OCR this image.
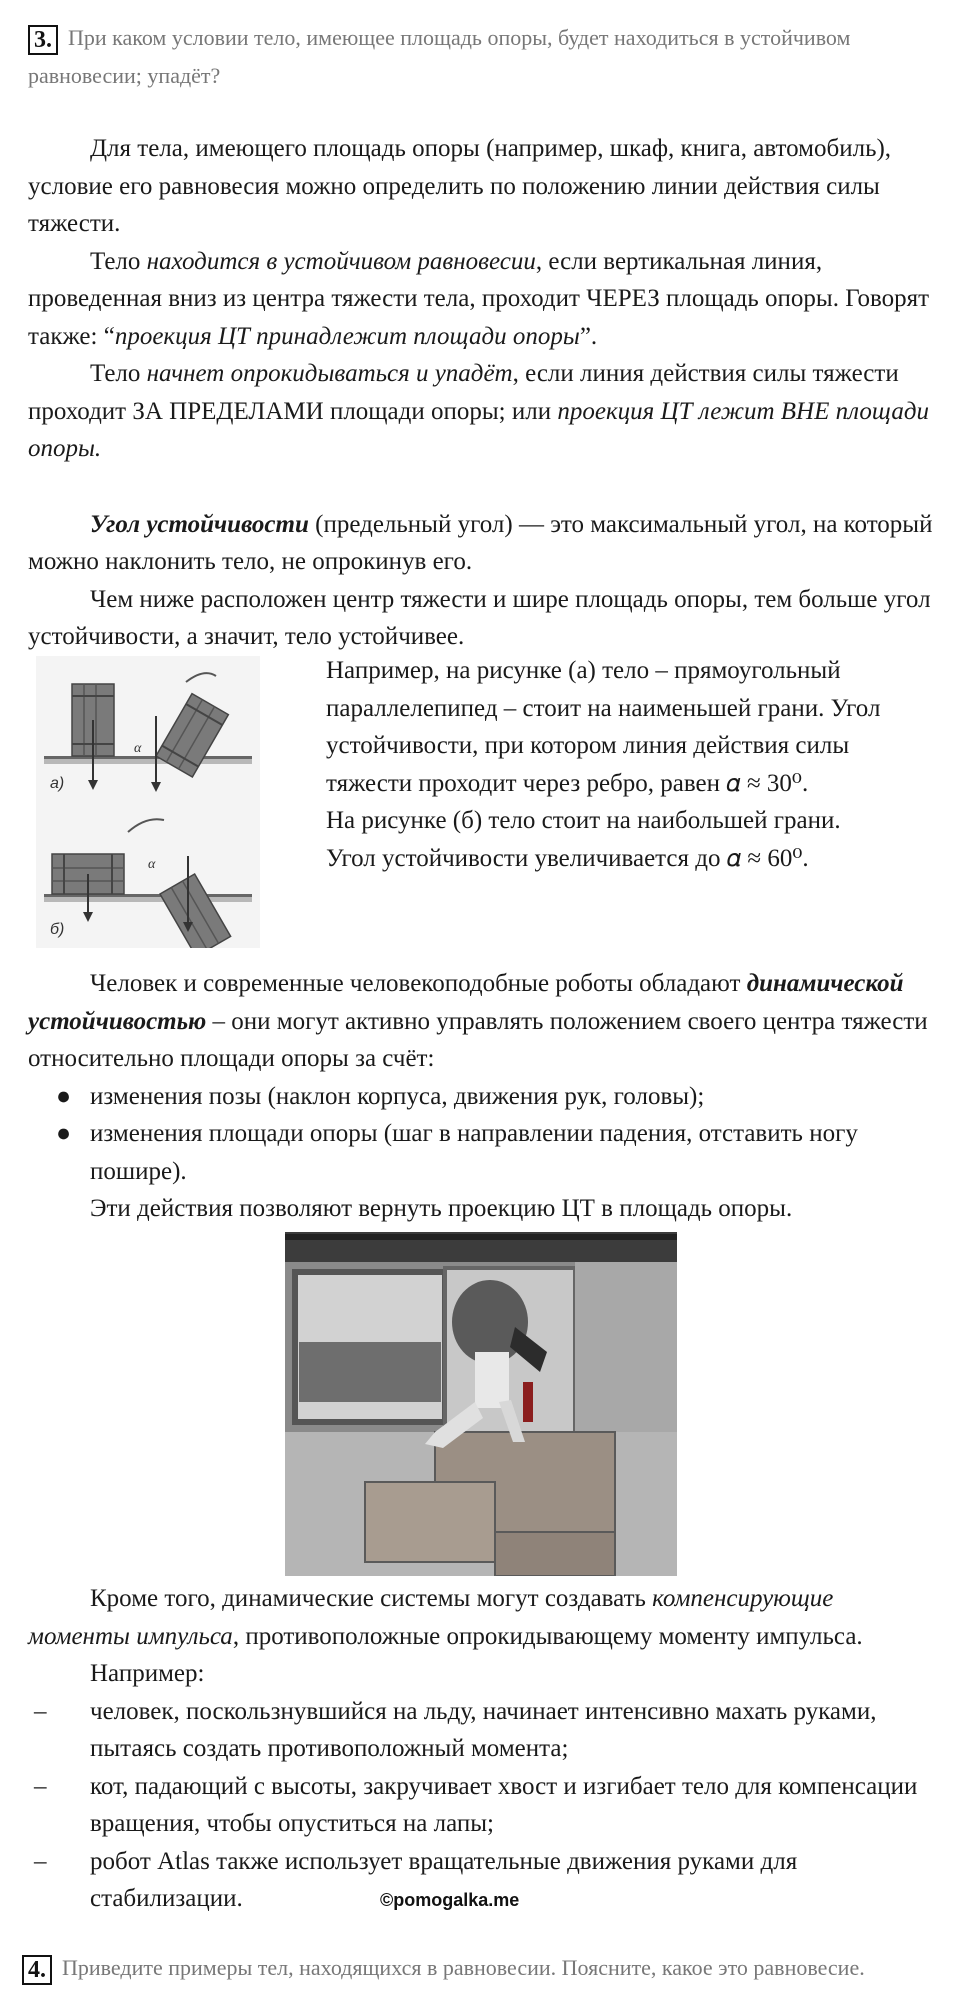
3. При каком условии тело, имеющее площадь опоры, будет находиться в устойчивом
равновесии; упадёт?

Для тела, имеющего площадь опоры (например, шкаф, книга, автомобиль), условие его равновесия можно определить по положению линии действия силы тяжести.

Тело находится в устойчивом равновесии, если вертикальная линия, проведенная вниз из центра тяжести тела, проходит ЧЕРЕЗ площадь опоры. Говорят также: “проекция ЦТ принадлежит площади опоры”.

Тело начнет опрокидываться и упадёт, если линия действия силы тяжести проходит ЗА ПРЕДЕЛАМИ площади опоры; или проекция ЦТ лежит ВНЕ площади опоры.

Угол устойчивости (предельный угол) — это максимальный угол, на который можно наклонить тело, не опрокинув его.

Чем ниже расположен центр тяжести и шире площадь опоры, тем больше угол устойчивости, а значит, тело устойчивее.

α
а)
α
б)
Например, на рисунке (а) тело – прямоугольный
параллелепипед – стоит на наименьшей грани. Угол
устойчивости, при котором линия действия силы
тяжести проходит через ребро, равен 𝛼 ≈ 30⁰.
На рисунке (б) тело стоит на наибольшей грани.
Угол устойчивости увеличивается до 𝛼 ≈ 60⁰.

Человек и современные человекоподобные роботы обладают динамической устойчивостью – они могут активно управлять положением своего центра тяжести относительно площади опоры за счёт:

● изменения позы (наклон корпуса, движения рук, головы);
● изменения площади опоры (шаг в направлении падения, отставить ногу пошире).

Эти действия позволяют вернуть проекцию ЦТ в площадь опоры.

Кроме того, динамические системы могут создавать компенсирующие моменты импульса, противоположные опрокидывающему моменту импульса.

Например:

– человек, поскользнувшийся на льду, начинает интенсивно махать руками, пытаясь создать противоположный момента;
– кот, падающий с высоты, закручивает хвост и изгибает тело для компенсации вращения, чтобы опуститься на лапы;
– робот Atlas также использует вращательные движения руками для стабилизации.	©pomogalka.me
4. Приведите примеры тел, находящихся в равновесии. Поясните, какое это равновесие.
